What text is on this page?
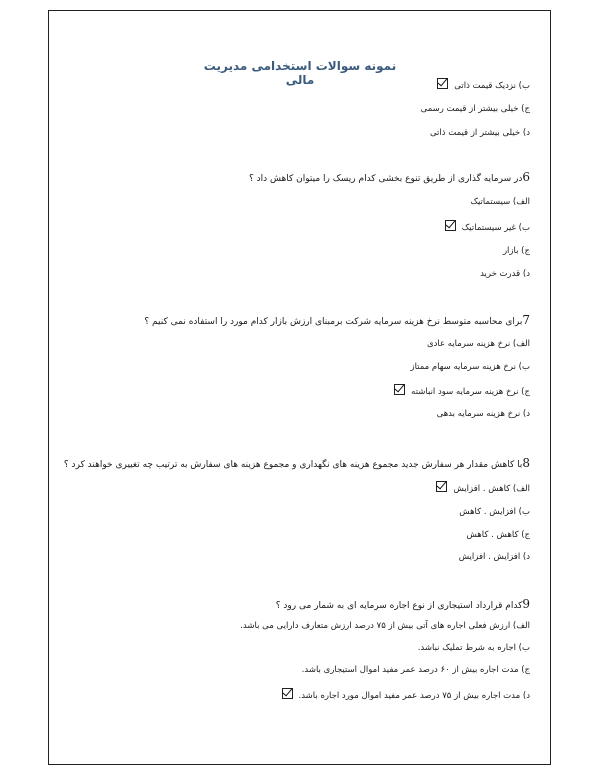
نمونه سوالات استخدامی مدیریت مالی	ب) نزدیک قیمت ذاتی
ج) خیلی بیشتر از قیمت رسمی
د) خیلی بیشتر از قیمت ذاتی
6در سرمایه گذاری از طریق تنوع بخشی کدام ریسک را میتوان کاهش داد ؟
الف) سیستماتیک
ب) غیر سیستماتیک
ج) بازار
د) قدرت خرید
7برای محاسبه متوسط نرخ هزینه سرمایه شرکت برمبنای ارزش بازار کدام مورد را استفاده نمی کنیم ؟
الف) نرخ هزینه سرمایه عادی
ب) نرخ هزینه سرمایه سهام ممتاز
ج) نرخ هزینه سرمایه سود انباشته
د) نرخ هزینه سرمایه بدهی
8با کاهش مقدار هر سفارش جدید مجموع هزینه های نگهداری و مجموع هزینه های سفارش به ترتیب چه تغییری خواهند کرد ؟
الف) کاهش . افزایش
ب) افزایش . کاهش
ج) کاهش . کاهش
د) افزایش . افزایش
9کدام قرارداد استیجاری از نوع اجاره سرمایه ای به شمار می رود ؟
الف) ارزش فعلی اجاره های آتی بیش از ۷۵ درصد ارزش متعارف دارایی می باشد.
ب) اجاره به شرط تملیک نباشد.
ج) مدت اجاره بیش از ۶۰ درصد عمر مفید اموال استیجاری باشد.
د) مدت اجاره بیش از ۷۵ درصد عمر مفید اموال مورد اجاره باشد.
